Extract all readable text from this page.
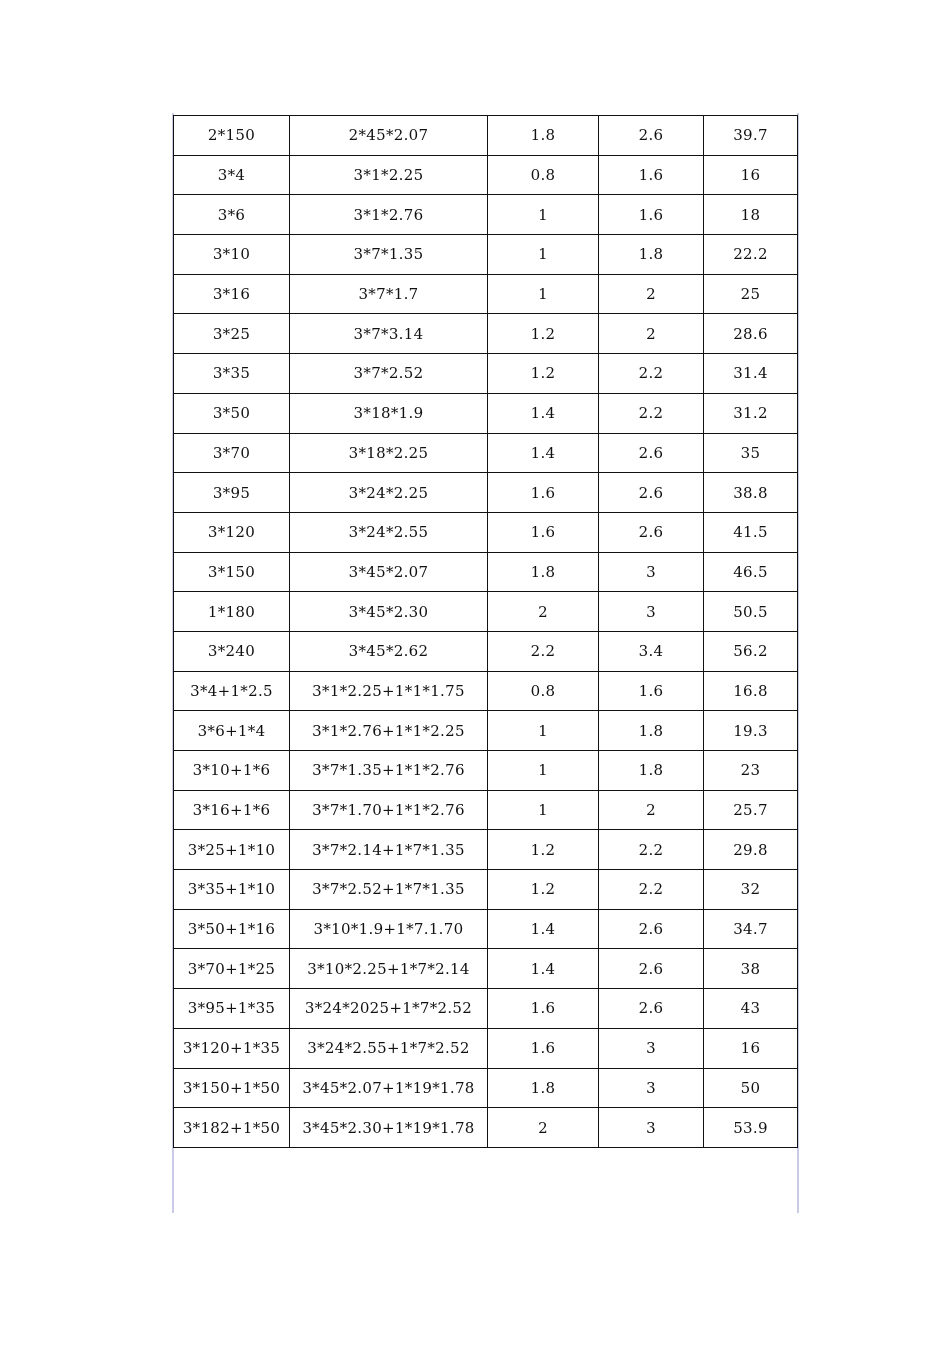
2*150	2*45*2.07	1.8	2.6	39.7
3*4	3*1*2.25	0.8	1.6	16
3*6	3*1*2.76	1	1.6	18
3*10	3*7*1.35	1	1.8	22.2
3*16	3*7*1.7	1	2	25
3*25	3*7*3.14	1.2	2	28.6
3*35	3*7*2.52	1.2	2.2	31.4
3*50	3*18*1.9	1.4	2.2	31.2
3*70	3*18*2.25	1.4	2.6	35
3*95	3*24*2.25	1.6	2.6	38.8
3*120	3*24*2.55	1.6	2.6	41.5
3*150	3*45*2.07	1.8	3	46.5
1*180	3*45*2.30	2	3	50.5
3*240	3*45*2.62	2.2	3.4	56.2
3*4+1*2.5	3*1*2.25+1*1*1.75	0.8	1.6	16.8
3*6+1*4	3*1*2.76+1*1*2.25	1	1.8	19.3
3*10+1*6	3*7*1.35+1*1*2.76	1	1.8	23
3*16+1*6	3*7*1.70+1*1*2.76	1	2	25.7
3*25+1*10	3*7*2.14+1*7*1.35	1.2	2.2	29.8
3*35+1*10	3*7*2.52+1*7*1.35	1.2	2.2	32
3*50+1*16	3*10*1.9+1*7.1.70	1.4	2.6	34.7
3*70+1*25	3*10*2.25+1*7*2.14	1.4	2.6	38
3*95+1*35	3*24*2025+1*7*2.52	1.6	2.6	43
3*120+1*35	3*24*2.55+1*7*2.52	1.6	3	16
3*150+1*50	3*45*2.07+1*19*1.78	1.8	3	50
3*182+1*50	3*45*2.30+1*19*1.78	2	3	53.9
